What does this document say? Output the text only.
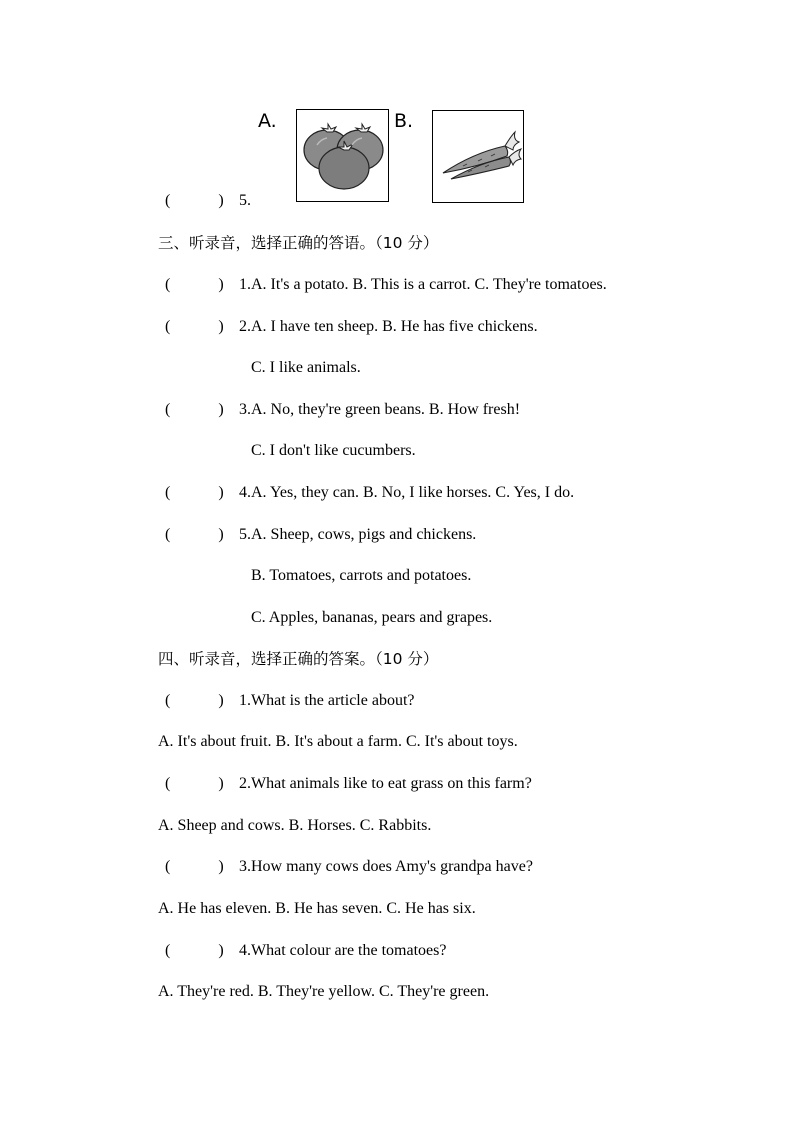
A.	B.
(　　　) 5.
三、听录音，选择正确的答语。（10 分）
(　　　) 1.A. It's a potato. B. This is a carrot. C. They're tomatoes.
(　　　) 2.A. I have ten sheep. B. He has five chickens.
C. I like animals.
(　　　) 3.A. No, they're green beans. B. How fresh!
C. I don't like cucumbers.
(　　　) 4.A. Yes, they can. B. No, I like horses. C. Yes, I do.
(　　　) 5.A. Sheep, cows, pigs and chickens.
B. Tomatoes, carrots and potatoes.
C. Apples, bananas, pears and grapes.
四、听录音，选择正确的答案。（10 分）
(　　　) 1.What is the article about?
A. It's about fruit. B. It's about a farm. C. It's about toys.
(　　　) 2.What animals like to eat grass on this farm?
A. Sheep and cows. B. Horses. C. Rabbits.
(　　　) 3.How many cows does Amy's grandpa have?
A. He has eleven. B. He has seven. C. He has six.
(　　　) 4.What colour are the tomatoes?
A. They're red. B. They're yellow. C. They're green.
